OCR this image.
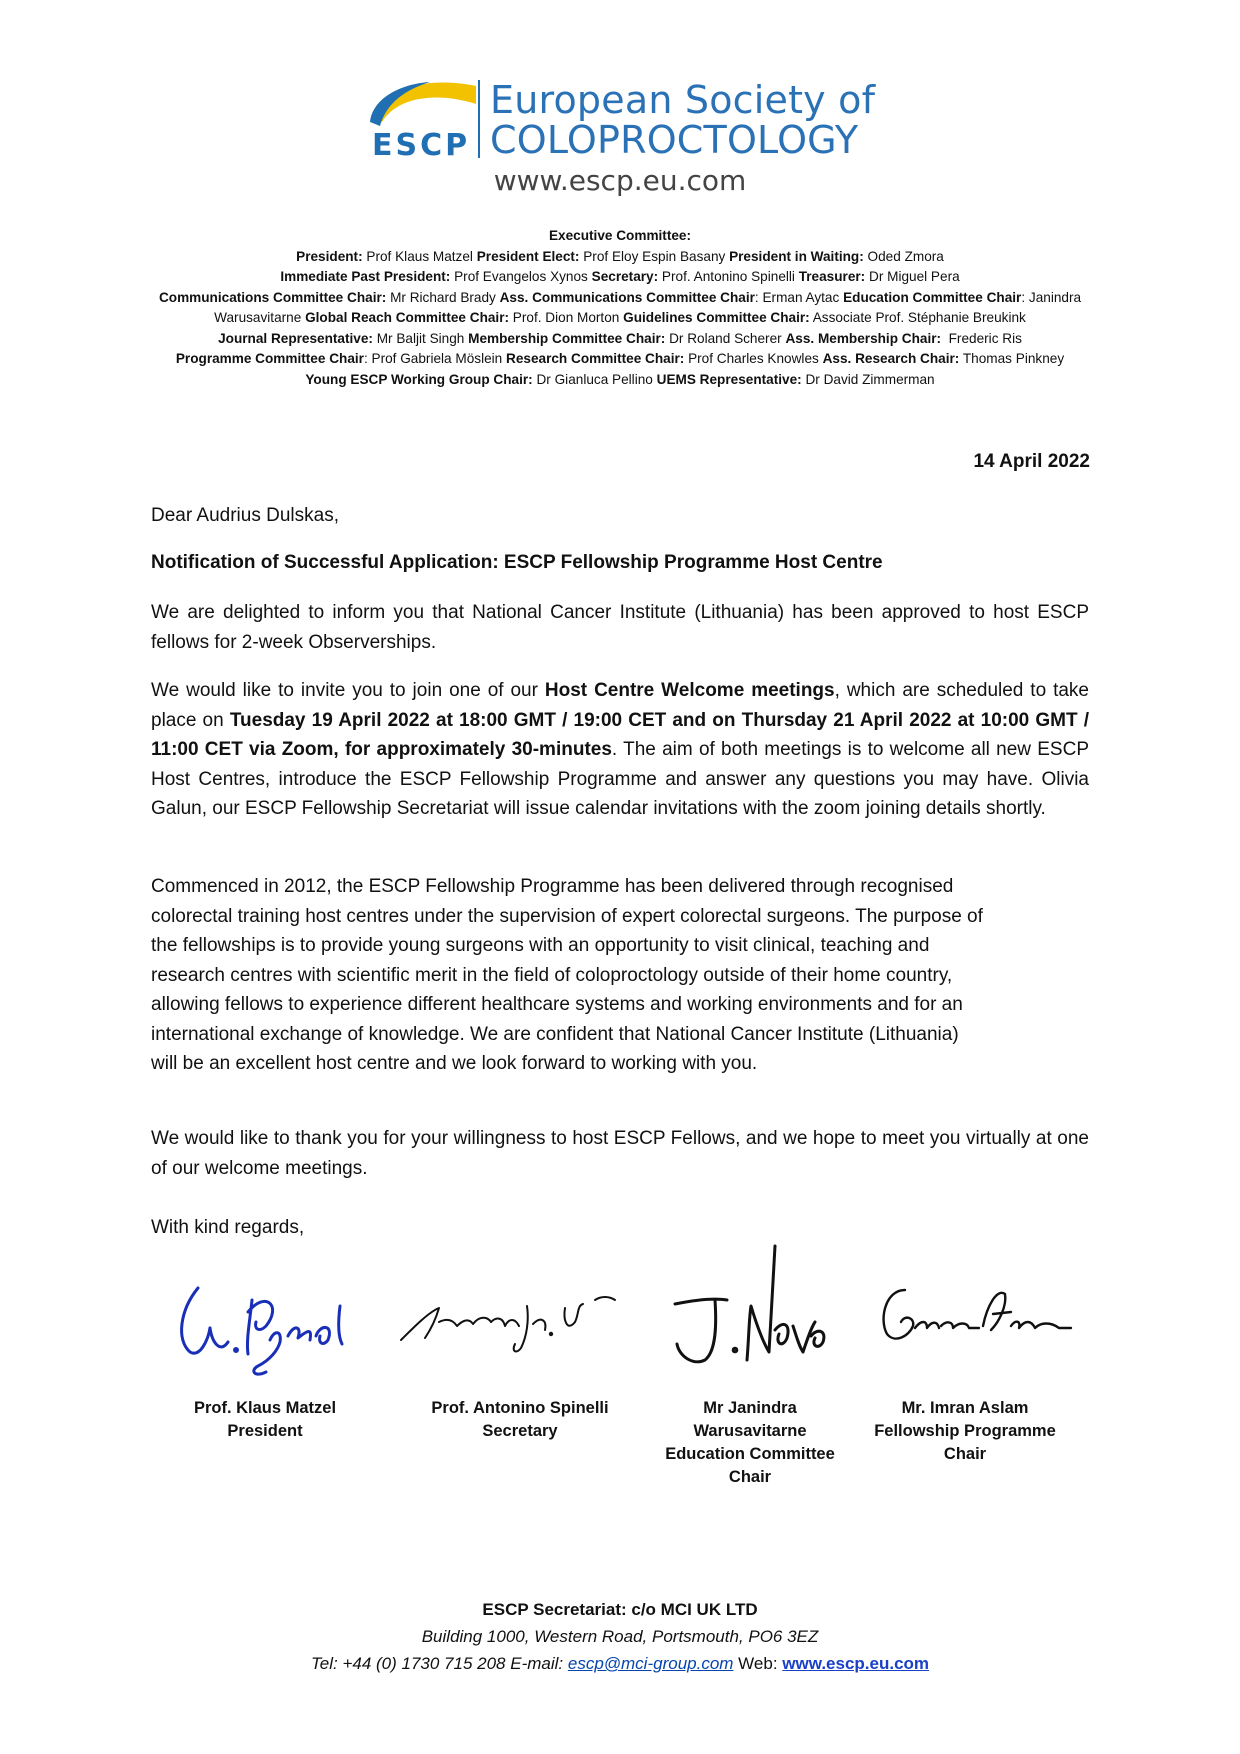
ESCP
European Society of
COLOPROCTOLOGY
www.escp.eu.com
Executive Committee:
President: Prof Klaus Matzel President Elect: Prof Eloy Espin Basany President in Waiting: Oded Zmora
Immediate Past President: Prof Evangelos Xynos Secretary: Prof. Antonino Spinelli Treasurer: Dr Miguel Pera
Communications Committee Chair: Mr Richard Brady Ass. Communications Committee Chair: Erman Aytac Education Committee Chair: Janindra
Warusavitarne Global Reach Committee Chair: Prof. Dion Morton Guidelines Committee Chair: Associate Prof. Stéphanie Breukink
Journal Representative: Mr Baljit Singh Membership Committee Chair: Dr Roland Scherer Ass. Membership Chair:  Frederic Ris
Programme Committee Chair: Prof Gabriela Möslein Research Committee Chair: Prof Charles Knowles Ass. Research Chair: Thomas Pinkney
Young ESCP Working Group Chair: Dr Gianluca Pellino UEMS Representative: Dr David Zimmerman
14 April 2022
Dear Audrius Dulskas,
Notification of Successful Application: ESCP Fellowship Programme Host Centre
We are delighted to inform you that National Cancer Institute (Lithuania) has been approved to host ESCP fellows for 2-week Observerships.
We would like to invite you to join one of our Host Centre Welcome meetings, which are scheduled to take place on Tuesday 19 April 2022 at 18:00 GMT / 19:00 CET and on Thursday 21 April 2022 at 10:00 GMT / 11:00 CET via Zoom, for approximately 30-minutes. The aim of both meetings is to welcome all new ESCP Host Centres, introduce the ESCP Fellowship Programme and answer any questions you may have. Olivia Galun, our ESCP Fellowship Secretariat will issue calendar invitations with the zoom joining details shortly.
Commenced in 2012, the ESCP Fellowship Programme has been delivered through recognised
colorectal training host centres under the supervision of expert colorectal surgeons. The purpose of
the fellowships is to provide young surgeons with an opportunity to visit clinical, teaching and
research centres with scientific merit in the field of coloproctology outside of their home country,
allowing fellows to experience different healthcare systems and working environments and for an
international exchange of knowledge. We are confident that National Cancer Institute (Lithuania)
will be an excellent host centre and we look forward to working with you.
We would like to thank you for your willingness to host ESCP Fellows, and we hope to meet you virtually at one of our welcome meetings.
With kind regards,
Prof. Klaus Matzel
President
Prof. Antonino Spinelli
Secretary
Mr Janindra
Warusavitarne
Education Committee
Chair
Mr. Imran Aslam
Fellowship Programme
Chair
ESCP Secretariat: c/o MCI UK LTD
Building 1000, Western Road, Portsmouth, PO6 3EZ
Tel: +44 (0) 1730 715 208 E-mail: escp@mci-group.com Web: www.escp.eu.com
